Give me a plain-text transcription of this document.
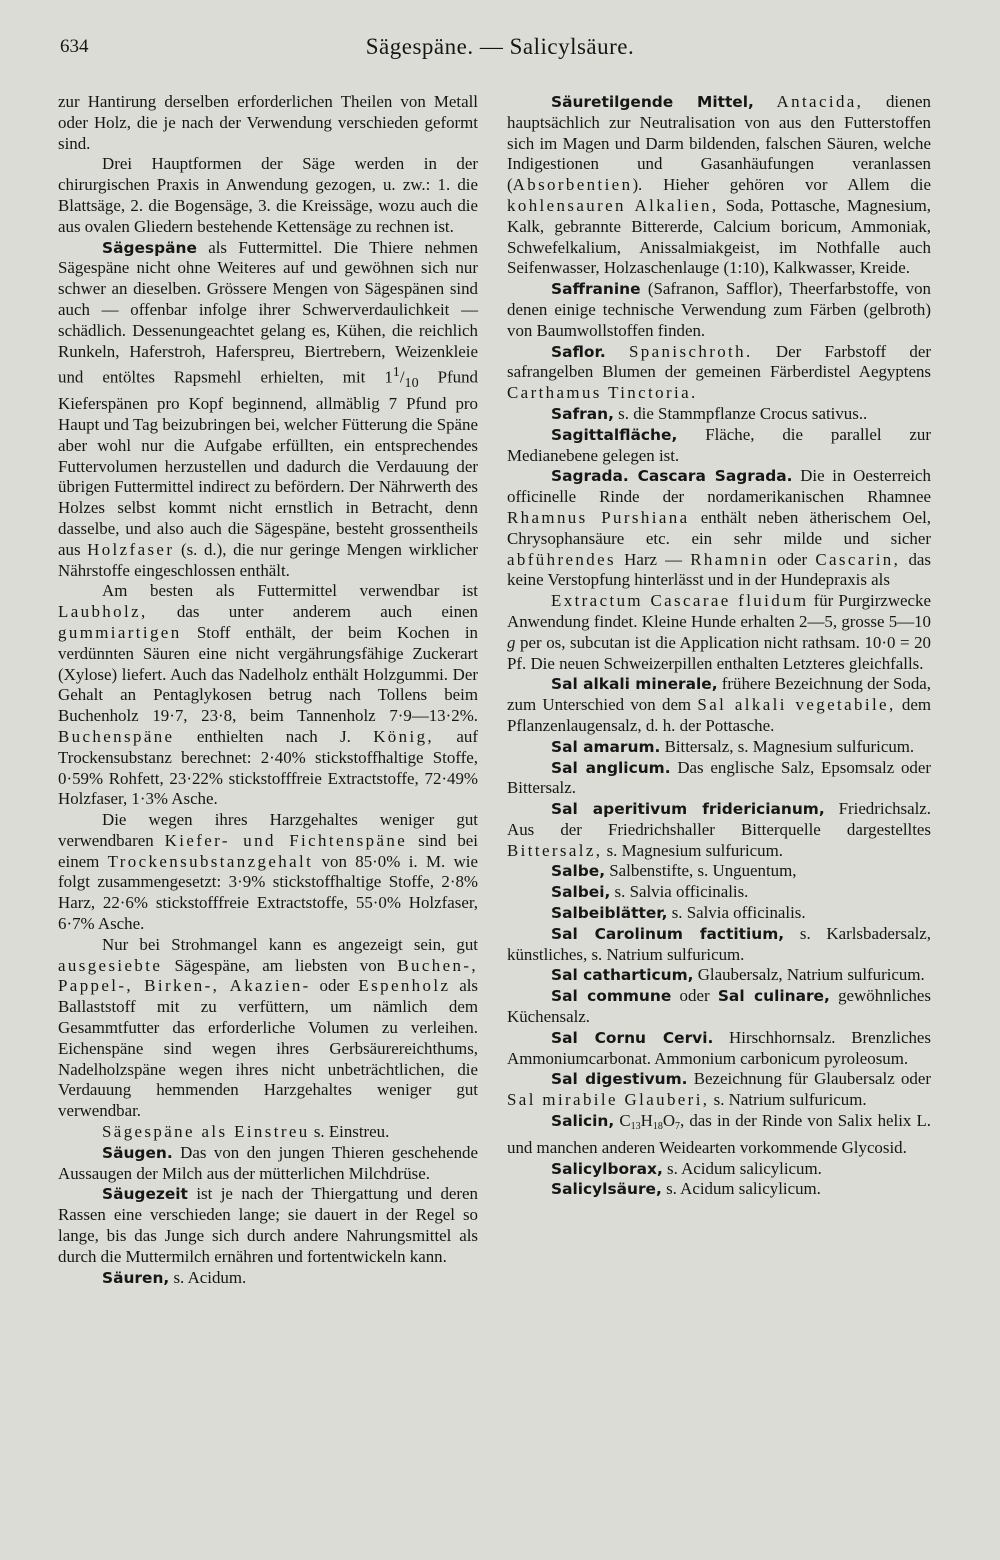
634	Sägespäne. — Salicylsäure.

zur Hantirung derselben erforderlichen Theilen von Metall oder Holz, die je nach der Verwendung verschieden geformt sind.

Drei Hauptformen der Säge werden in der chirurgischen Praxis in Anwendung gezogen, u. zw.: 1. die Blattsäge, 2. die Bogensäge, 3. die Kreissäge, wozu auch die aus ovalen Gliedern bestehende Kettensäge zu rechnen ist.

Sägespäne als Futtermittel. Die Thiere nehmen Sägespäne nicht ohne Weiteres auf und gewöhnen sich nur schwer an dieselben. Grössere Mengen von Sägespänen sind auch — offenbar infolge ihrer Schwerverdaulichkeit — schädlich. Dessenungeachtet gelang es, Kühen, die reichlich Runkeln, Haferstroh, Haferspreu, Biertrebern, Weizenkleie und entöltes Rapsmehl erhielten, mit $1^1/_{10}$ Pfund Kieferspänen pro Kopf beginnend, allmäblig 7 Pfund pro Haupt und Tag beizubringen bei, welcher Fütterung die Späne aber wohl nur die Aufgabe erfüllten, ein entsprechendes Futtervolumen herzustellen und dadurch die Verdauung der übrigen Futtermittel indirect zu befördern. Der Nährwerth des Holzes selbst kommt nicht ernstlich in Betracht, denn dasselbe, und also auch die Sägespäne, besteht grossentheils aus Holzfaser (s. d.), die nur geringe Mengen wirklicher Nährstoffe eingeschlossen enthält.

Am besten als Futtermittel verwendbar ist Laubholz, das unter anderem auch einen gummiartigen Stoff enthält, der beim Kochen in verdünnten Säuren eine nicht vergährungsfähige Zuckerart (Xylose) liefert. Auch das Nadelholz enthält Holzgummi. Der Gehalt an Pentaglykosen betrug nach Tollens beim Buchenholz 19·7, 23·8, beim Tannenholz 7·9—13·2%. Buchenspäne enthielten nach J. König, auf Trockensubstanz berechnet: 2·40% stickstoffhaltige Stoffe, 0·59% Rohfett, 23·22% stickstofffreie Extractstoffe, 72·49% Holzfaser, 1·3% Asche.

Die wegen ihres Harzgehaltes weniger gut verwendbaren Kiefer- und Fichtenspäne sind bei einem Trockensubstanzgehalt von 85·0% i. M. wie folgt zusammengesetzt: 3·9% stickstoffhaltige Stoffe, 2·8% Harz, 22·6% stickstofffreie Extractstoffe, 55·0% Holzfaser, 6·7% Asche.

Nur bei Strohmangel kann es angezeigt sein, gut ausgesiebte Sägespäne, am liebsten von Buchen-, Pappel-, Birken-, Akazien- oder Espenholz als Ballaststoff mit zu verfüttern, um nämlich dem Gesammtfutter das erforderliche Volumen zu verleihen. Eichenspäne sind wegen ihres Gerbsäurereichthums, Nadelholzspäne wegen ihres nicht unbeträchtlichen, die Verdauung hemmenden Harzgehaltes weniger gut verwendbar.

Sägespäne als Einstreu s. Einstreu.

Säugen. Das von den jungen Thieren geschehende Aussaugen der Milch aus der mütterlichen Milchdrüse.

Säugezeit ist je nach der Thiergattung und deren Rassen eine verschieden lange; sie dauert in der Regel so lange, bis das Junge sich durch andere Nahrungsmittel als durch die Muttermilch ernähren und fortentwickeln kann.

Säuren, s. Acidum.

Säuretilgende Mittel, Antacida, dienen hauptsächlich zur Neutralisation von aus den Futterstoffen sich im Magen und Darm bildenden, falschen Säuren, welche Indigestionen und Gasanhäufungen veranlassen (Absorbentien). Hieher gehören vor Allem die kohlensauren Alkalien, Soda, Pottasche, Magnesium, Kalk, gebrannte Bittererde, Calcium boricum, Ammoniak, Schwefelkalium, Anissalmiakgeist, im Nothfalle auch Seifenwasser, Holzaschenlauge (1:10), Kalkwasser, Kreide.

Saffranine (Safranon, Safflor), Theerfarbstoffe, von denen einige technische Verwendung zum Färben (gelbroth) von Baumwollstoffen finden.

Saflor. Spanischroth. Der Farbstoff der safrangelben Blumen der gemeinen Färberdistel Aegyptens Carthamus Tinctoria.

Safran, s. die Stammpflanze Crocus sativus..

Sagittalfläche, Fläche, die parallel zur Medianebene gelegen ist.

Sagrada. Cascara Sagrada. Die in Oesterreich officinelle Rinde der nordamerikanischen Rhamnee Rhamnus Purshiana enthält neben ätherischem Oel, Chrysophansäure etc. ein sehr milde und sicher abführendes Harz — Rhamnin oder Cascarin, das keine Verstopfung hinterlässt und in der Hundepraxis als

Extractum Cascarae fluidum für Purgirzwecke Anwendung findet. Kleine Hunde erhalten 2—5, grosse 5—10 g per os, subcutan ist die Application nicht rathsam. 10·0 = 20 Pf. Die neuen Schweizerpillen enthalten Letzteres gleichfalls.

Sal alkali minerale, frühere Bezeichnung der Soda, zum Unterschied von dem Sal alkali vegetabile, dem Pflanzenlaugensalz, d. h. der Pottasche.

Sal amarum. Bittersalz, s. Magnesium sulfuricum.

Sal anglicum. Das englische Salz, Epsomsalz oder Bittersalz.

Sal aperitivum fridericianum, Friedrichsalz. Aus der Friedrichshaller Bitterquelle dargestelltes Bittersalz, s. Magnesium sulfuricum.

Salbe, Salbenstifte, s. Unguentum,

Salbei, s. Salvia officinalis.

Salbeiblätter, s. Salvia officinalis.

Sal Carolinum factitium, s. Karlsbadersalz, künstliches, s. Natrium sulfuricum.

Sal catharticum, Glaubersalz, Natrium sulfuricum.

Sal commune oder Sal culinare, gewöhnliches Küchensalz.

Sal Cornu Cervi. Hirschhornsalz. Brenzliches Ammoniumcarbonat. Ammonium carbonicum pyroleosum.

Sal digestivum. Bezeichnung für Glaubersalz oder Sal mirabile Glauberi, s. Natrium sulfuricum.

Salicin, $C_{13}H_{18}O_7$, das in der Rinde von Salix helix L. und manchen anderen Weidearten vorkommende Glycosid.

Salicylborax, s. Acidum salicylicum.

Salicylsäure, s. Acidum salicylicum.
